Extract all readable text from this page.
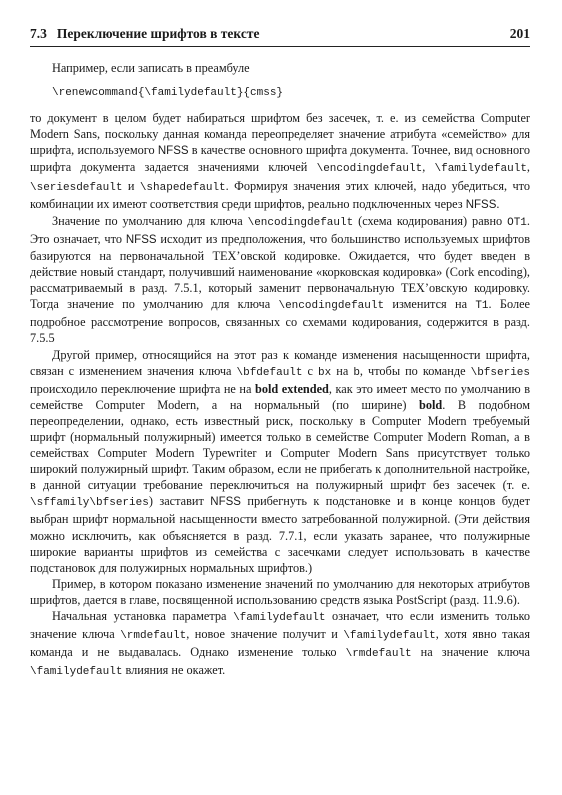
7.3 Переключение шрифтов в тексте	201

Например, если записать в преамбуле

\renewcommand{\familydefault}{cmss}

то документ в целом будет набираться шрифтом без засечек, т. е. из семейства Computer Modern Sans, поскольку данная команда переопределяет значение атрибута «семейство» для шрифта, используемого NFSS в качестве основного шрифта документа. Точнее, вид основного шрифта документа задается значениями ключей \encodingdefault, \familydefault, \seriesdefault и \shapedefault. Формируя значения этих ключей, надо убедиться, что комбинации их имеют соответствия среди шрифтов, реально подключенных через NFSS.

Значение по умолчанию для ключа \encodingdefault (схема кодирования) равно OT1. Это означает, что NFSS исходит из предположения, что большинство используемых шрифтов базируются на первоначальной TEX’овской кодировке. Ожидается, что будет введен в действие новый стандарт, получивший наименование «корковская кодировка» (Cork encoding), рассматриваемый в разд. 7.5.1, который заменит первоначальную TEX’овскую кодировку. Тогда значение по умолчанию для ключа \encodingdefault изменится на T1. Более подробное рассмотрение вопросов, связанных со схемами кодирования, содержится в разд. 7.5.5

Другой пример, относящийся на этот раз к команде изменения насыщенности шрифта, связан с изменением значения ключа \bfdefault с bx на b, чтобы по команде \bfseries происходило переключение шрифта не на bold extended, как это имеет место по умолчанию в семействе Computer Modern, а на нормальный (по ширине) bold. В подобном переопределении, однако, есть известный риск, поскольку в Computer Modern требуемый шрифт (нормальный полужирный) имеется только в семействе Computer Modern Roman, а в семействах Computer Modern Typewriter и Computer Modern Sans присутствует только широкий полужирный шрифт. Таким образом, если не прибегать к дополнительной настройке, в данной ситуации требование переключиться на полужирный шрифт без засечек (т. е. \sffamily\bfseries) заставит NFSS прибегнуть к подстановке и в конце концов будет выбран шрифт нормальной насыщенности вместо затребованной полужирной. (Эти действия можно исключить, как объясняется в разд. 7.7.1, если указать заранее, что полужирные широкие варианты шрифтов из семейства с засечками следует использовать в качестве подстановок для полужирных нормальных шрифтов.)

Пример, в котором показано изменение значений по умолчанию для некоторых атрибутов шрифтов, дается в главе, посвященной использованию средств языка PostScript (разд. 11.9.6).

Начальная установка параметра \familydefault означает, что если изменить только значение ключа \rmdefault, новое значение получит и \familydefault, хотя явно такая команда и не выдавалась. Однако изменение только \rmdefault на значение ключа \familydefault влияния не окажет.
